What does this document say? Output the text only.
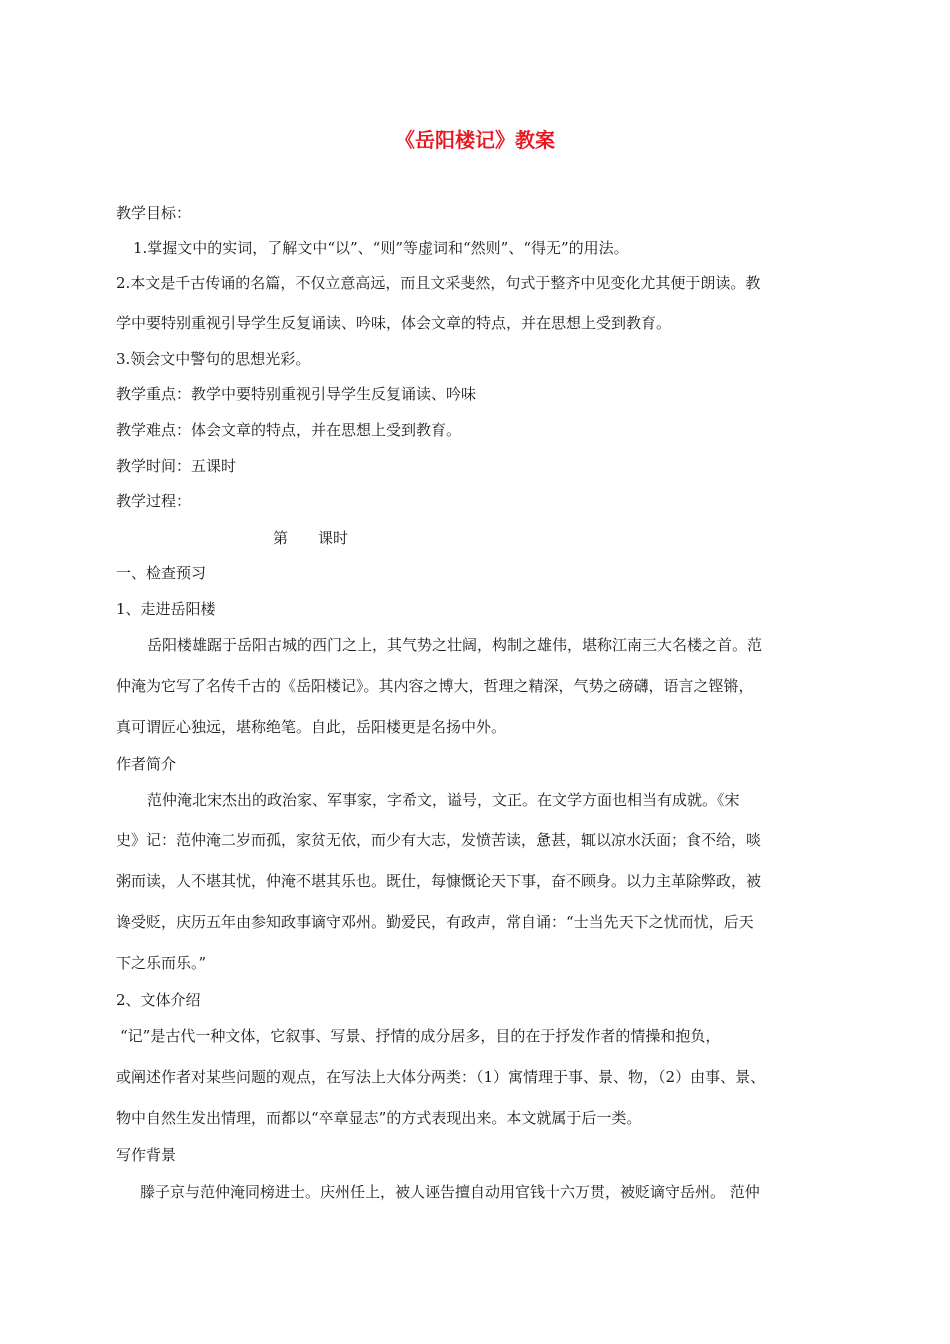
《岳阳楼记》教案
教学目标：
1.掌握文中的实词，了解文中“以”、“则”等虚词和“然则”、“得无”的用法。
2.本文是千古传诵的名篇，不仅立意高远，而且文采斐然，句式于整齐中见变化尤其便于朗读。教
学中要特别重视引导学生反复诵读、吟味，体会文章的特点，并在思想上受到教育。
3.领会文中警句的思想光彩。
教学重点：教学中要特别重视引导学生反复诵读、吟味
教学难点：体会文章的特点，并在思想上受到教育。
教学时间：五课时
教学过程：
第　　课时
一、检查预习
1、走进岳阳楼
岳阳楼雄踞于岳阳古城的西门之上，其气势之壮阔，构制之雄伟，堪称江南三大名楼之首。范
仲淹为它写了名传千古的《岳阳楼记》。其内容之博大，哲理之精深，气势之磅礴，语言之铿锵，
真可谓匠心独远，堪称绝笔。自此，岳阳楼更是名扬中外。
作者简介
范仲淹北宋杰出的政治家、军事家，字希文，谥号，文正。在文学方面也相当有成就。《宋
史》记：范仲淹二岁而孤，家贫无依，而少有大志，发愤苦读，惫甚，辄以凉水沃面；食不给，啖
粥而读，人不堪其忧，仲淹不堪其乐也。既仕，每慷慨论天下事，奋不顾身。以力主革除弊政，被
谗受贬，庆历五年由参知政事谪守邓州。勤爱民，有政声，常自诵：“士当先天下之忧而忧，后天
下之乐而乐。”
2、文体介绍
“记”是古代一种文体，它叙事、写景、抒情的成分居多，目的在于抒发作者的情操和抱负，
或阐述作者对某些问题的观点，在写法上大体分两类：（1）寓情理于事、景、物，（2）由事、景、
物中自然生发出情理，而都以“卒章显志”的方式表现出来。本文就属于后一类。
写作背景
滕子京与范仲淹同榜进士。庆州任上，被人诬告擅自动用官钱十六万贯，被贬谪守岳州。 范仲
